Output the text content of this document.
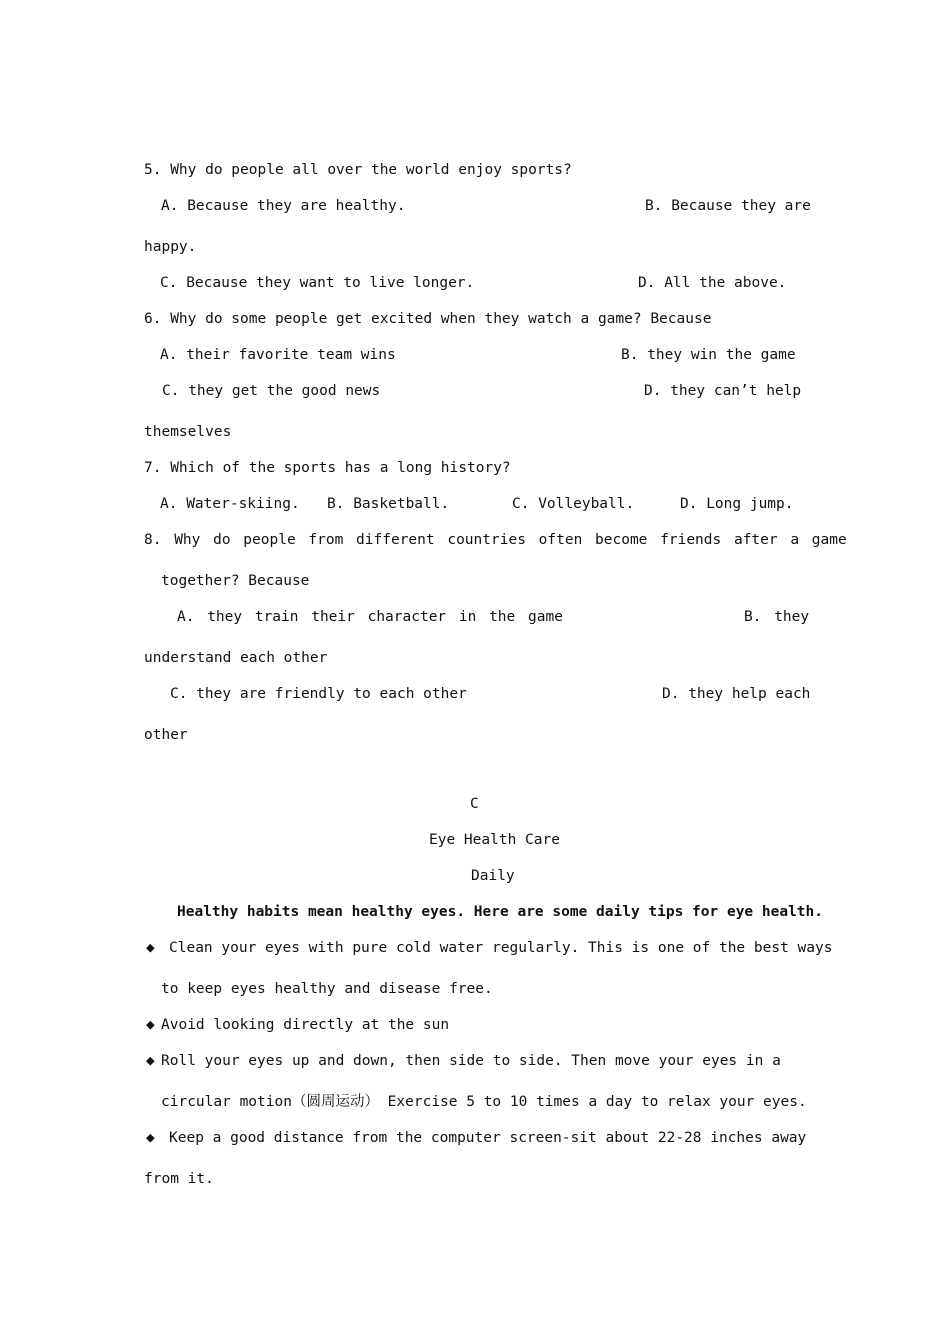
5. Why do people all over the world enjoy sports?
A. Because they are healthy.	B. Because they are
happy.
C. Because they want to live longer.	D. All the above.
6. Why do some people get excited when they watch a game? Because
A. their favorite team wins	B. they win the game
C. they get the good news	D. they can’t help
themselves
7. Which of the sports has a long history?
A. Water-skiing. B. Basketball.	C. Volleyball.	D. Long jump.
8. Why do people from different countries often become friends after a game
together? Because
A. they train their character in the game	B. they
understand each other
C. they are friendly to each other	D. they help each
other
C
Eye Health Care
Daily
Healthy habits mean healthy eyes. Here are some daily tips for eye health.
◆ Clean your eyes with pure cold water regularly. This is one of the best ways
to keep eyes healthy and disease free.
◆ Avoid looking directly at the sun
◆ Roll your eyes up and down, then side to side. Then move your eyes in a
circular motion（圆周运动） Exercise 5 to 10 times a day to relax your eyes.
◆ Keep a good distance from the computer screen-sit about 22-28 inches away
from it.
